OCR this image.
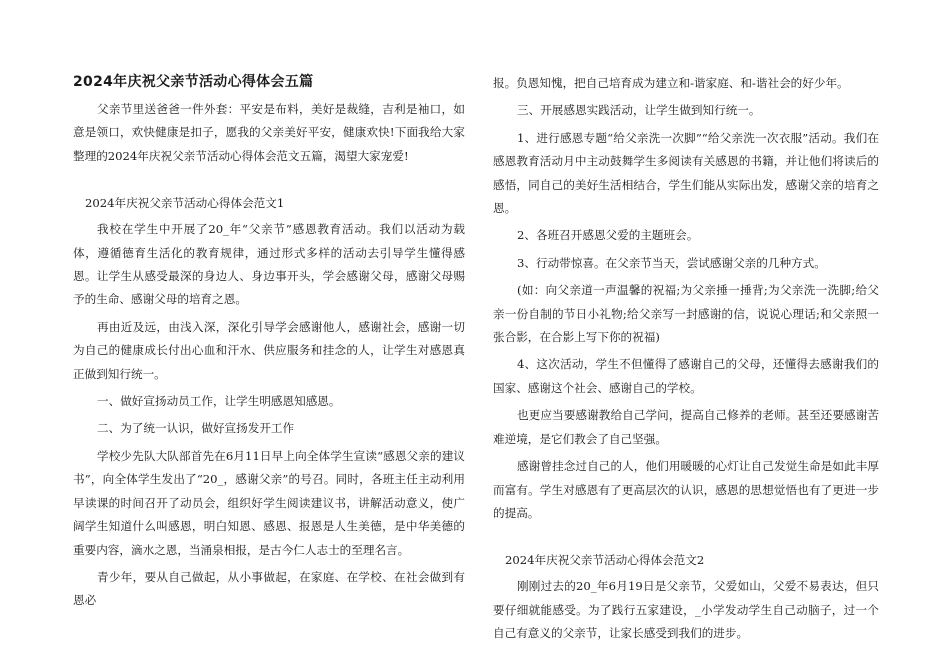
2024年庆祝父亲节活动心得体会五篇

父亲节里送爸爸一件外套：平安是布料，美好是裁缝，吉利是袖口，如意是领口，欢快健康是扣子，愿我的父亲美好平安，健康欢快!下面我给大家整理的2024年庆祝父亲节活动心得体会范文五篇，渴望大家宠爱!

2024年庆祝父亲节活动心得体会范文1

我校在学生中开展了20_年“父亲节”感恩教育活动。我们以活动为载体，遵循德育生活化的教育规律，通过形式多样的活动去引导学生懂得感恩。让学生从感受最深的身边人、身边事开头，学会感谢父母，感谢父母赐予的生命、感谢父母的培育之恩。

再由近及远，由浅入深，深化引导学会感谢他人，感谢社会，感谢一切为自己的健康成长付出心血和汗水、供应服务和挂念的人，让学生对感恩真正做到知行统一。

一、做好宣扬动员工作，让学生明感恩知感恩。

二、为了统一认识，做好宣扬发开工作

学校少先队大队部首先在6月11日早上向全体学生宣读“感恩父亲的建议书”，向全体学生发出了“20_，感谢父亲”的号召。同时，各班主任主动利用早读课的时间召开了动员会，组织好学生阅读建议书，讲解活动意义，使广阔学生知道什么叫感恩，明白知恩、感恩、报恩是人生美德，是中华美德的重要内容，滴水之恩，当涌泉相报，是古今仁人志士的至理名言。

青少年，要从自己做起，从小事做起，在家庭、在学校、在社会做到有恩必

报。负恩知愧，把自己培育成为建立和-谐家庭、和-谐社会的好少年。

三、开展感恩实践活动，让学生做到知行统一。

1、进行感恩专题“给父亲洗一次脚”“给父亲洗一次衣服”活动。我们在感恩教育活动月中主动鼓舞学生多阅读有关感恩的书籍，并让他们将读后的感悟，同自己的美好生活相结合，学生们能从实际出发，感谢父亲的培育之恩。

2、各班召开感恩父爱的主题班会。

3、行动带惊喜。在父亲节当天，尝试感谢父亲的几种方式。

(如：向父亲道一声温馨的祝福;为父亲捶一捶背;为父亲洗一洗脚;给父亲一份自制的节日小礼物;给父亲写一封感谢的信，说说心理话;和父亲照一张合影，在合影上写下你的祝福)

4、这次活动，学生不但懂得了感谢自己的父母，还懂得去感谢我们的国家、感谢这个社会、感谢自己的学校。

也更应当要感谢教给自己学问，提高自己修养的老师。甚至还要感谢苦难逆境，是它们教会了自己坚强。

感谢曾挂念过自己的人，他们用暖暖的心灯让自己发觉生命是如此丰厚而富有。学生对感恩有了更高层次的认识，感恩的思想觉悟也有了更进一步的提高。

2024年庆祝父亲节活动心得体会范文2

刚刚过去的20_年6月19日是父亲节，父爱如山，父爱不易表达，但只要仔细就能感受。为了践行五家建设，_小学发动学生自己动脑子，过一个自己有意义的父亲节，让家长感受到我们的进步。
